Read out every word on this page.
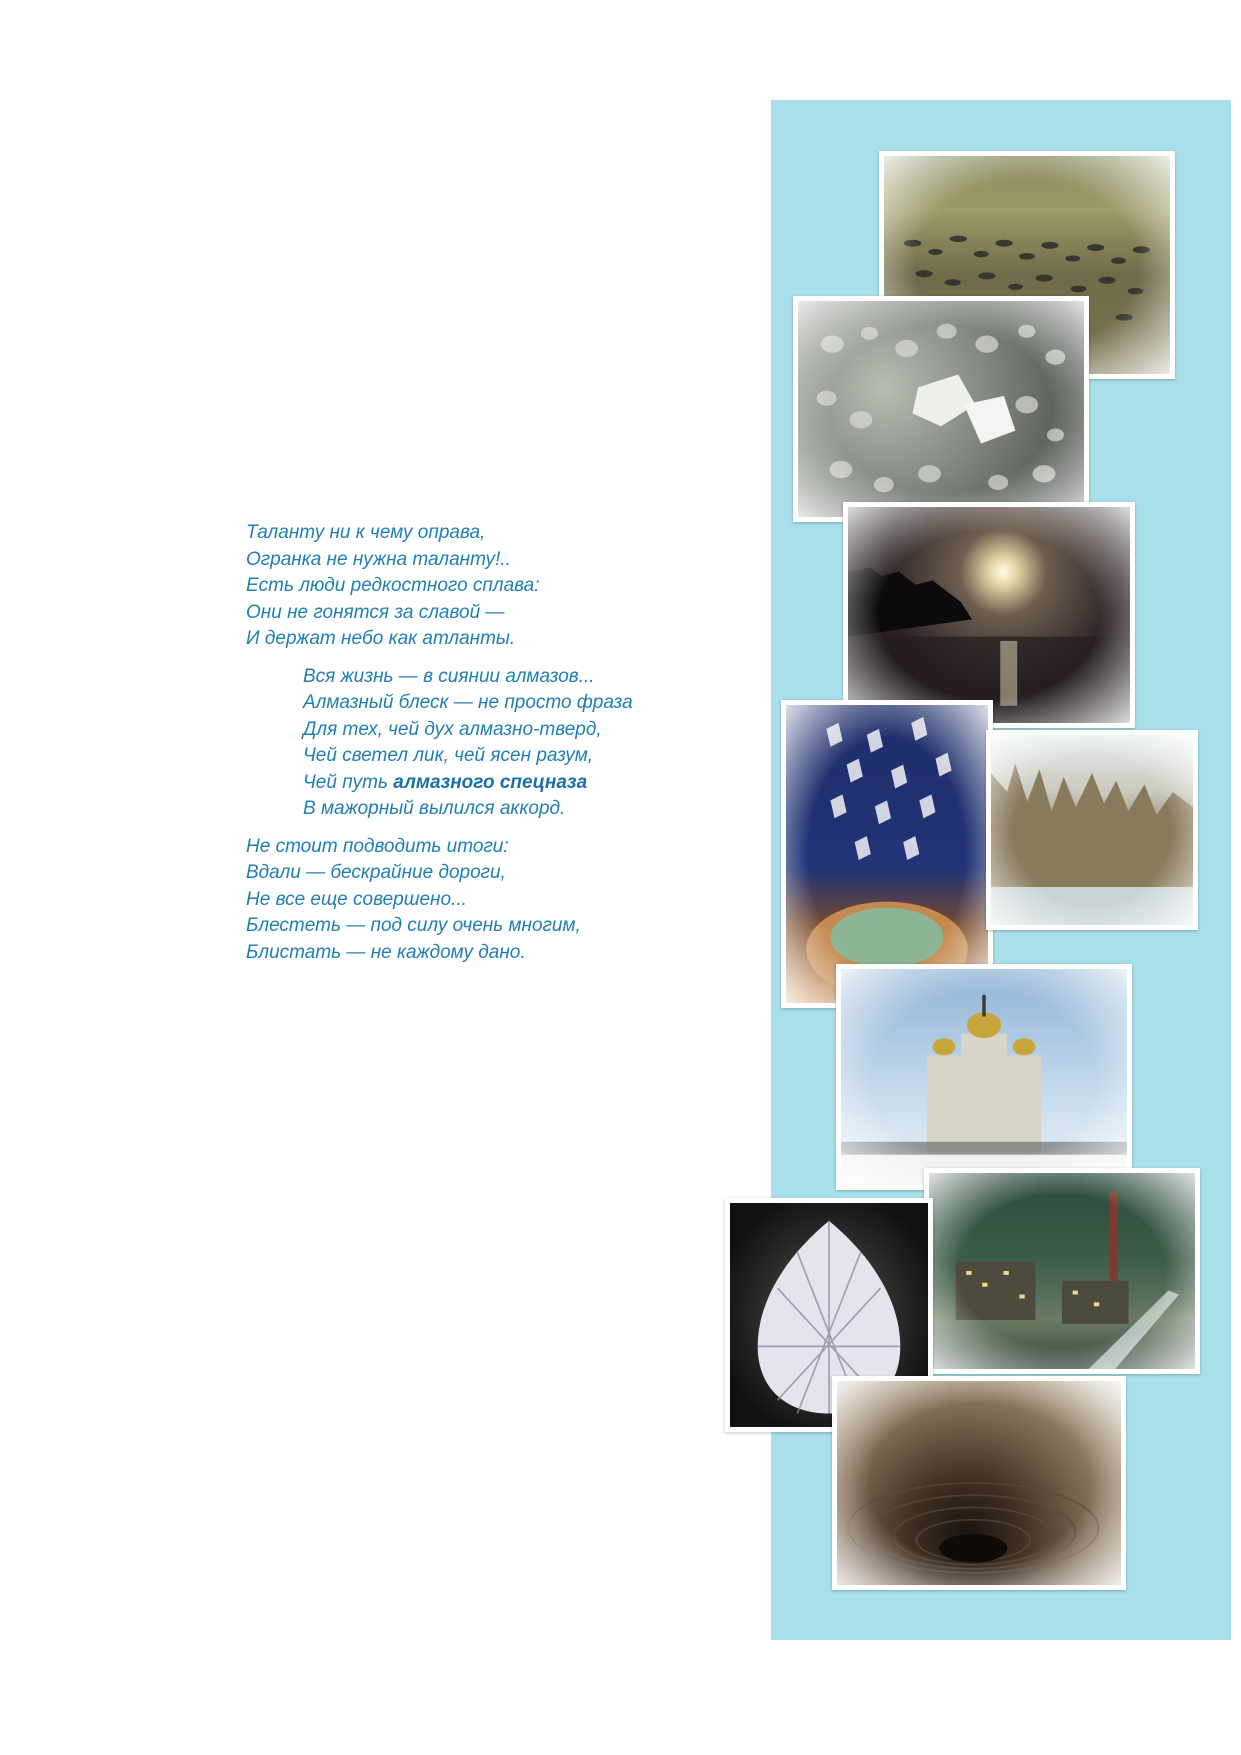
Таланту ни к чему оправа,
Огранка не нужна таланту!..
Есть люди редкостного сплава:
Они не гонятся за славой —
И держат небо как атланты.

Вся жизнь — в сиянии алмазов...
Алмазный блеск — не просто фраза
Для тех, чей дух алмазно-тверд,
Чей светел лик, чей ясен разум,
Чей путь алмазного спецназа
В мажорный вылился аккорд.

Не стоит подводить итоги:
Вдали — бескрайние дороги,
Не все еще совершено...
Блестеть — под силу очень многим,
Блистать — не каждому дано.
